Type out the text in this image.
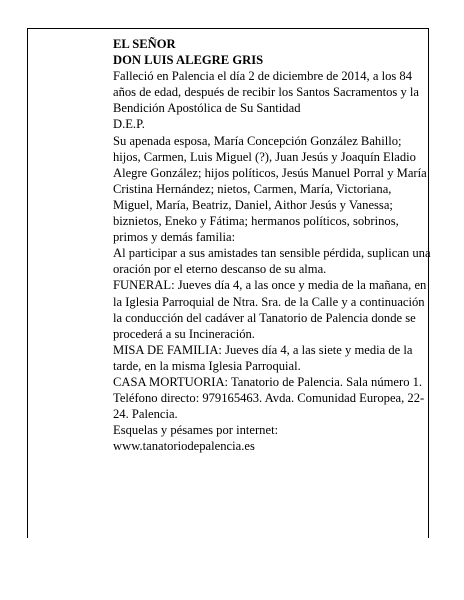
EL SEÑOR

DON LUIS ALEGRE GRIS

Falleció en Palencia el día 2 de diciembre de 2014, a los 84 años de edad, después de recibir los Santos Sacramentos y la Bendición Apostólica de Su Santidad

D.E.P.

Su apenada esposa, María Concepción González Bahillo; hijos, Carmen, Luis Miguel (?), Juan Jesús y Joaquín Eladio Alegre González; hijos políticos, Jesús Manuel Porral y María Cristina Hernández; nietos, Carmen, María, Victoriana, Miguel, María, Beatriz, Daniel, Aithor Jesús y Vanessa; biznietos, Eneko y Fátima; hermanos políticos, sobrinos, primos y demás familia:

Al participar a sus amistades tan sensible pérdida, suplican una oración por el eterno descanso de su alma.

FUNERAL: Jueves día 4, a las once y media de la mañana, en la Iglesia Parroquial de Ntra. Sra. de la Calle y a continuación la conducción del cadáver al Tanatorio de Palencia donde se procederá a su Incineración.

MISA DE FAMILIA: Jueves día 4, a las siete y media de la tarde, en la misma Iglesia Parroquial.

CASA MORTUORIA: Tanatorio de Palencia. Sala número 1. Teléfono directo: 979165463. Avda. Comunidad Europea, 22-24. Palencia.

Esquelas y pésames por internet:

www.tanatoriodepalencia.es
